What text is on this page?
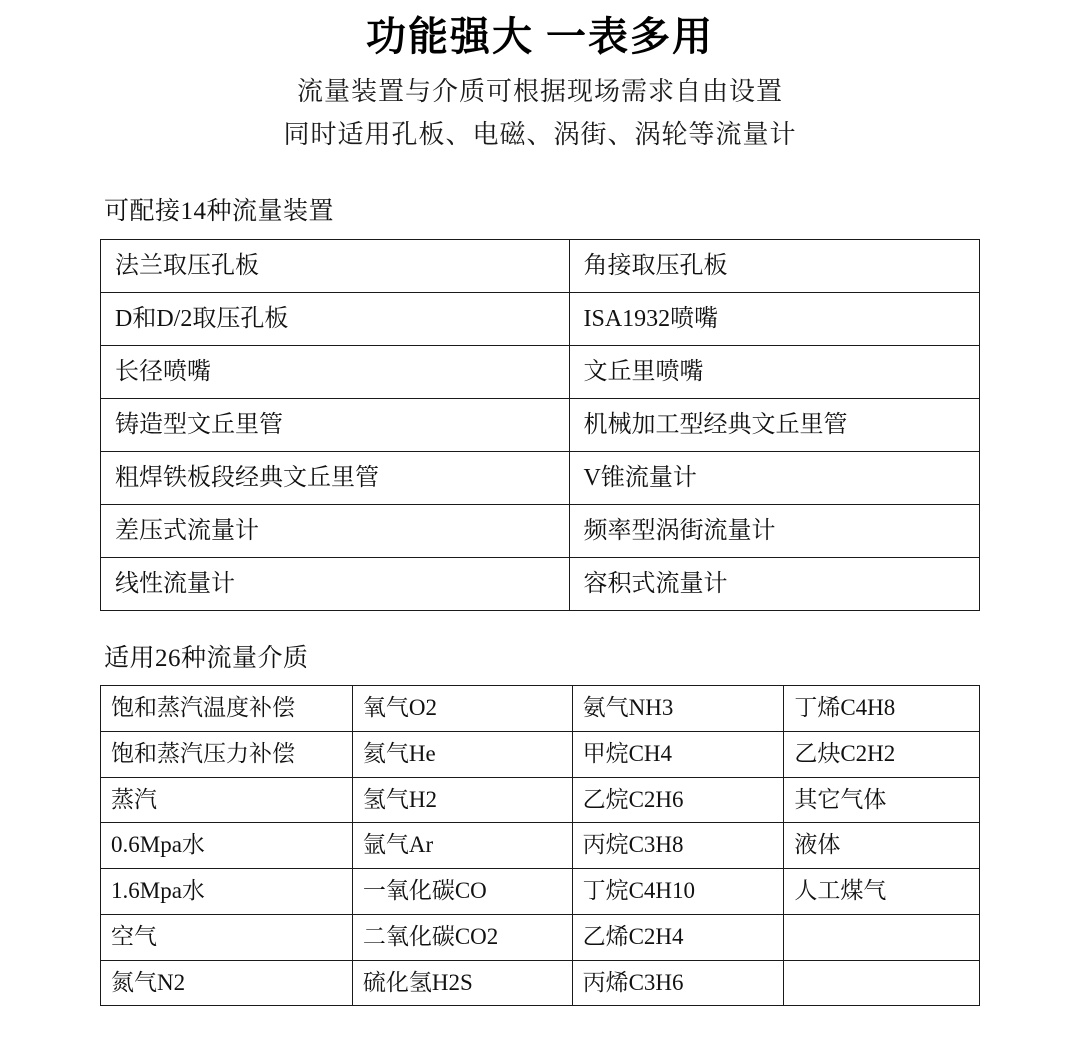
功能强大 一表多用

流量装置与介质可根据现场需求自由设置

同时适用孔板、电磁、涡街、涡轮等流量计

可配接14种流量装置
法兰取压孔板	角接取压孔板
D和D/2取压孔板	ISA1932喷嘴
长径喷嘴	文丘里喷嘴
铸造型文丘里管	机械加工型经典文丘里管
粗焊铁板段经典文丘里管	V锥流量计
差压式流量计	频率型涡街流量计
线性流量计	容积式流量计
适用26种流量介质
饱和蒸汽温度补偿	氧气O2	氨气NH3	丁烯C4H8
饱和蒸汽压力补偿	氦气He	甲烷CH4	乙炔C2H2
蒸汽	氢气H2	乙烷C2H6	其它气体
0.6Mpa水	氩气Ar	丙烷C3H8	液体
1.6Mpa水	一氧化碳CO	丁烷C4H10	人工煤气
空气	二氧化碳CO2	乙烯C2H4	
氮气N2	硫化氢H2S	丙烯C3H6	
